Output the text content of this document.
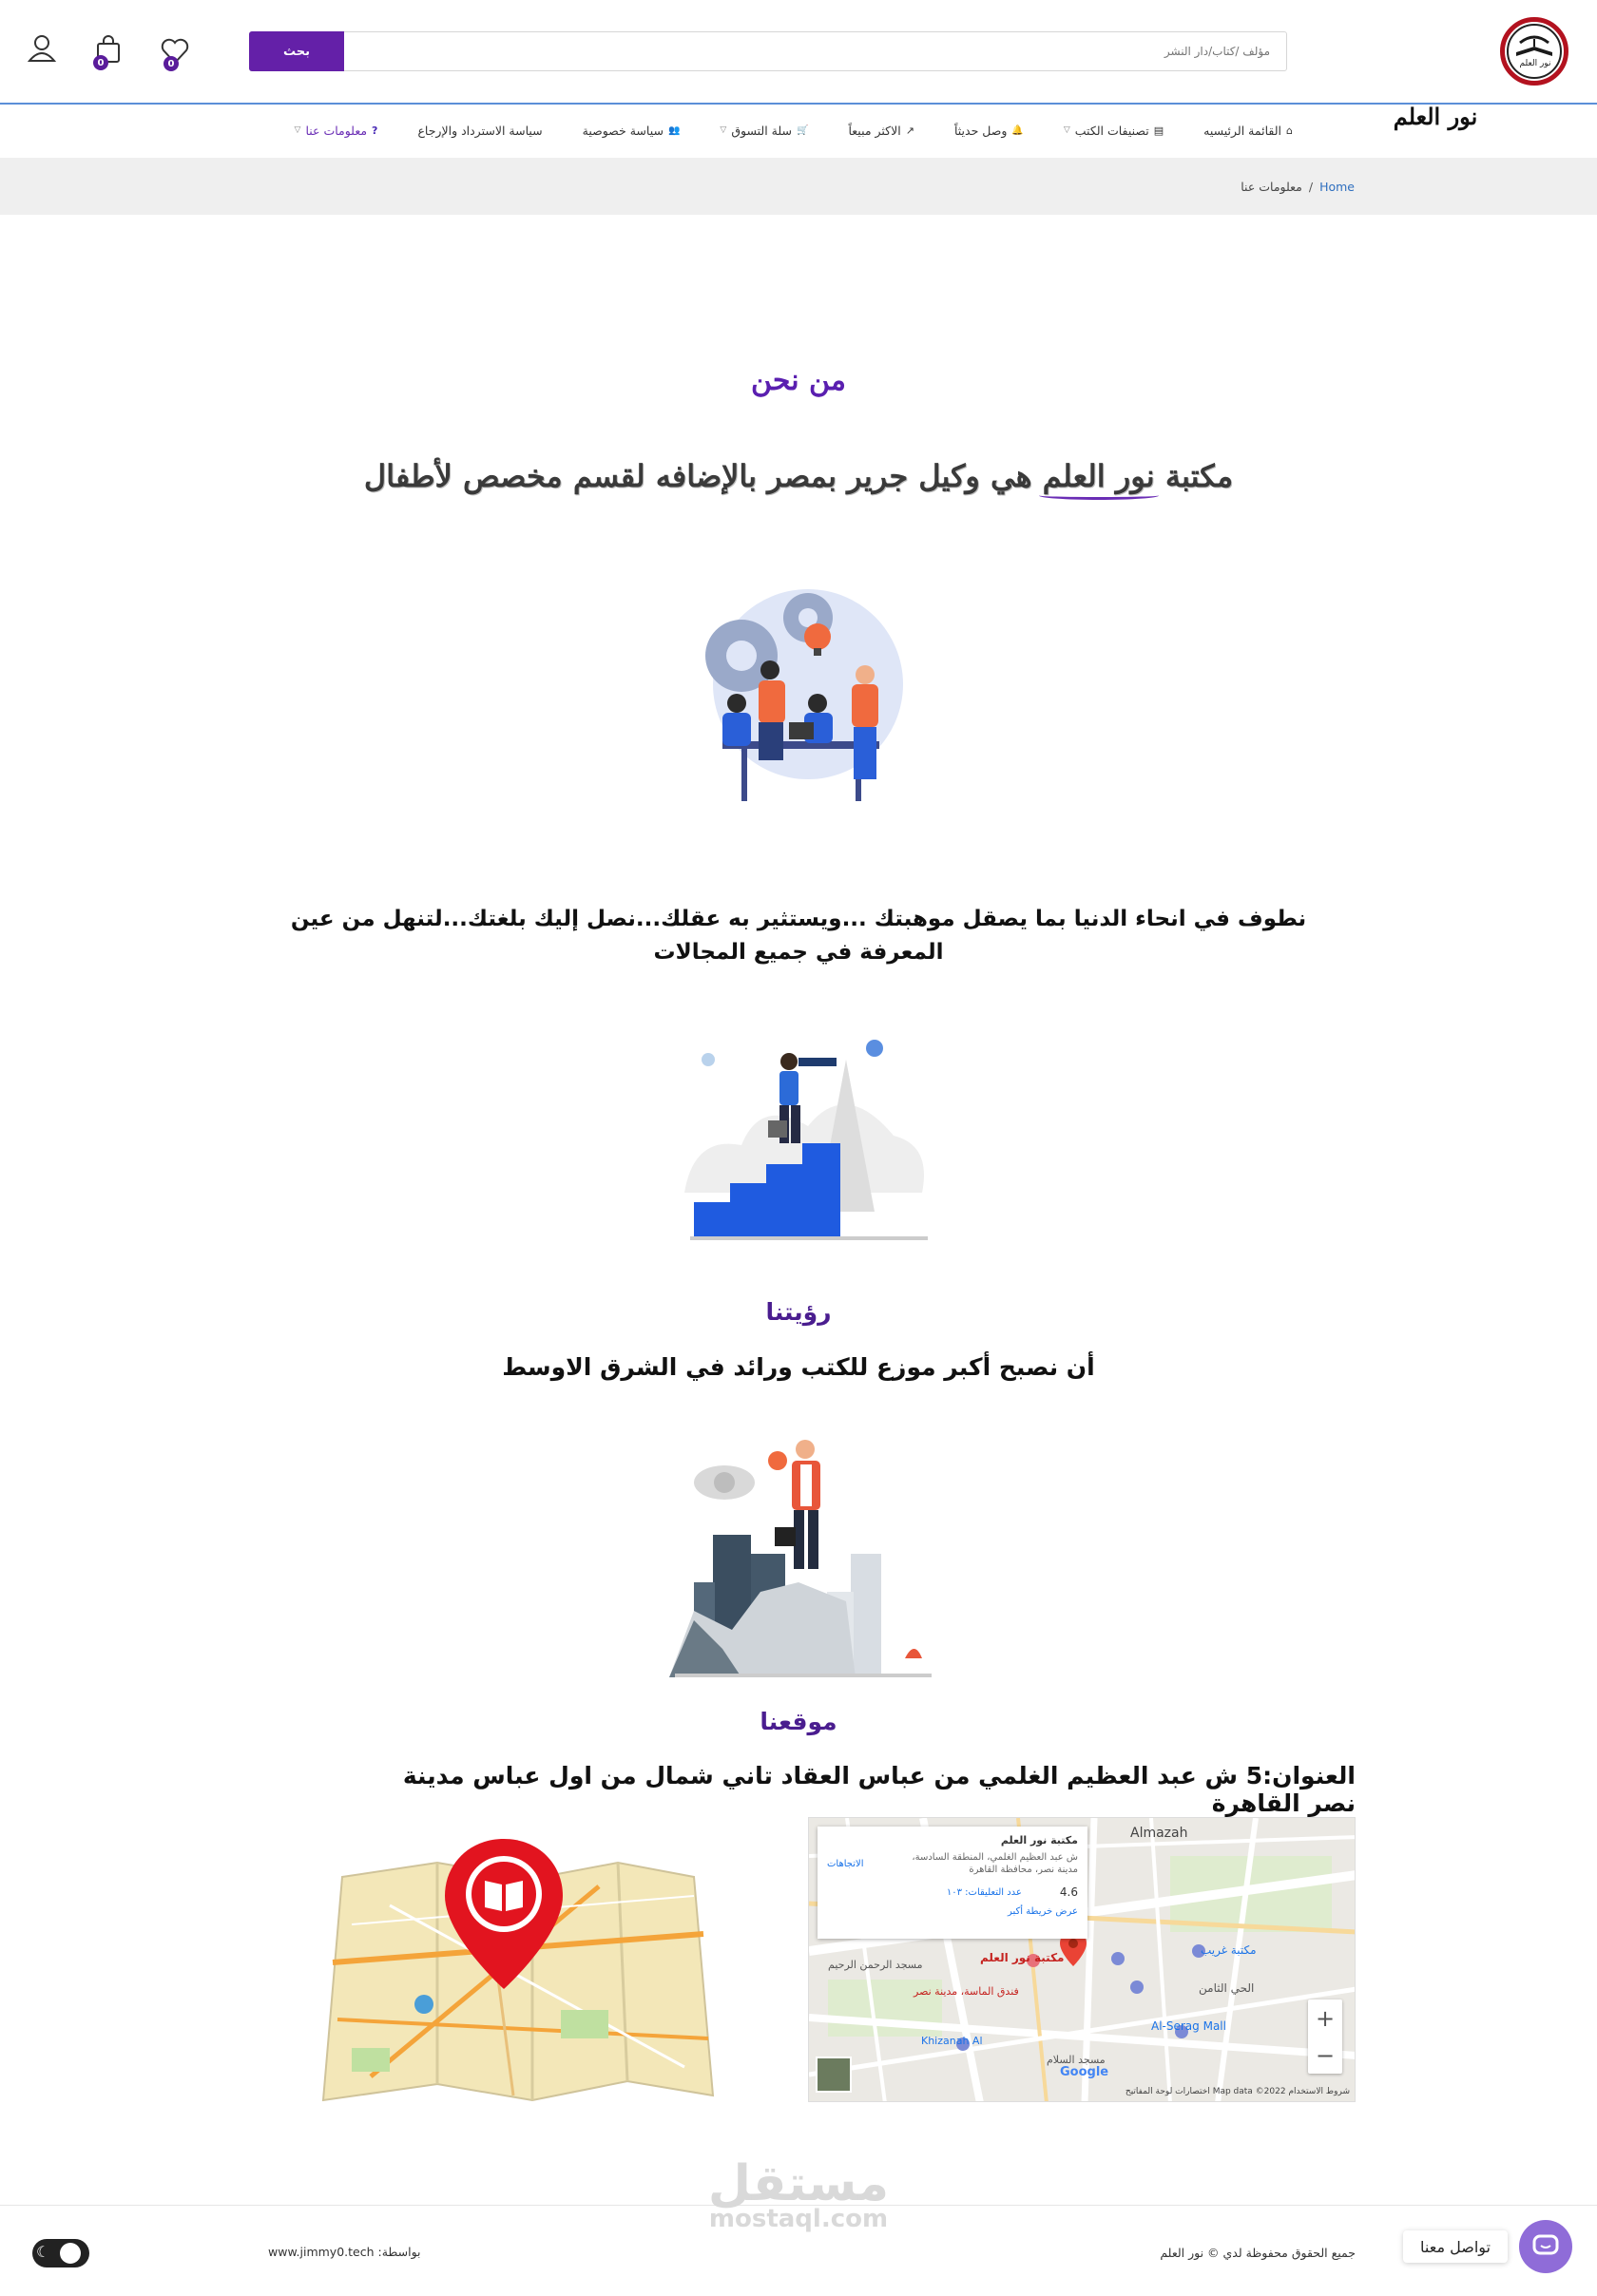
نور العلم
بحث
مؤلف /كتاب/دار النشر
0	0
نور العلم
⌂
القائمة الرئيسيه
▤
تصنيفات الكتب
▽
🔔
وصل حديثاً
↗
الاكثر مبيعاً
🛒
سلة التسوق
▽
👥
سياسة خصوصية
سياسة الاسترداد والإرجاع
?
معلومات عنا
▽
Home
/
معلومات عنا
من نحن
مكتبة نور العلم هي وكيل جرير بمصر بالإضافه لقسم مخصص لأطفال
نطوف في انحاء الدنيا بما يصقل موهبتك ...ويستثير به عقلك...نصل إليك بلغتك...لتنهل من عين المعرفة في جميع المجالات
رؤيتنا
أن نصبح أكبر موزع للكتب ورائد في الشرق الاوسط
موقعنا
العنوان:5 ش عبد العظيم الغلمي من عباس العقاد تاني شمال من اول عباس مدينة نصر القاهرة
Almazah
مكتبة نور العلم
مكتبة غريب
الحي الثامن
Al-Serag Mall
فندق الماسة، مدينة نصر
Khizanah Al
مسجد السلام
مسجد الرحمن الرحيم
Google
مكتبة نور العلم
ش عبد العظيم الغلمي، المنطقة السادسة، مدينة نصر، محافظة القاهرة
الاتجاهات
4.6
عدد التعليقات: ١٠٣
عرض خريطة أكبر
+
−
شروط الاستخدام Map data ©2022 اختصارات لوحة المفاتيح
مستقل
mostaql.com
جميع الحقوق محفوظة لدي © نور العلم
بواسطة: www.jimmy0.tech
☾	تواصل معنا
